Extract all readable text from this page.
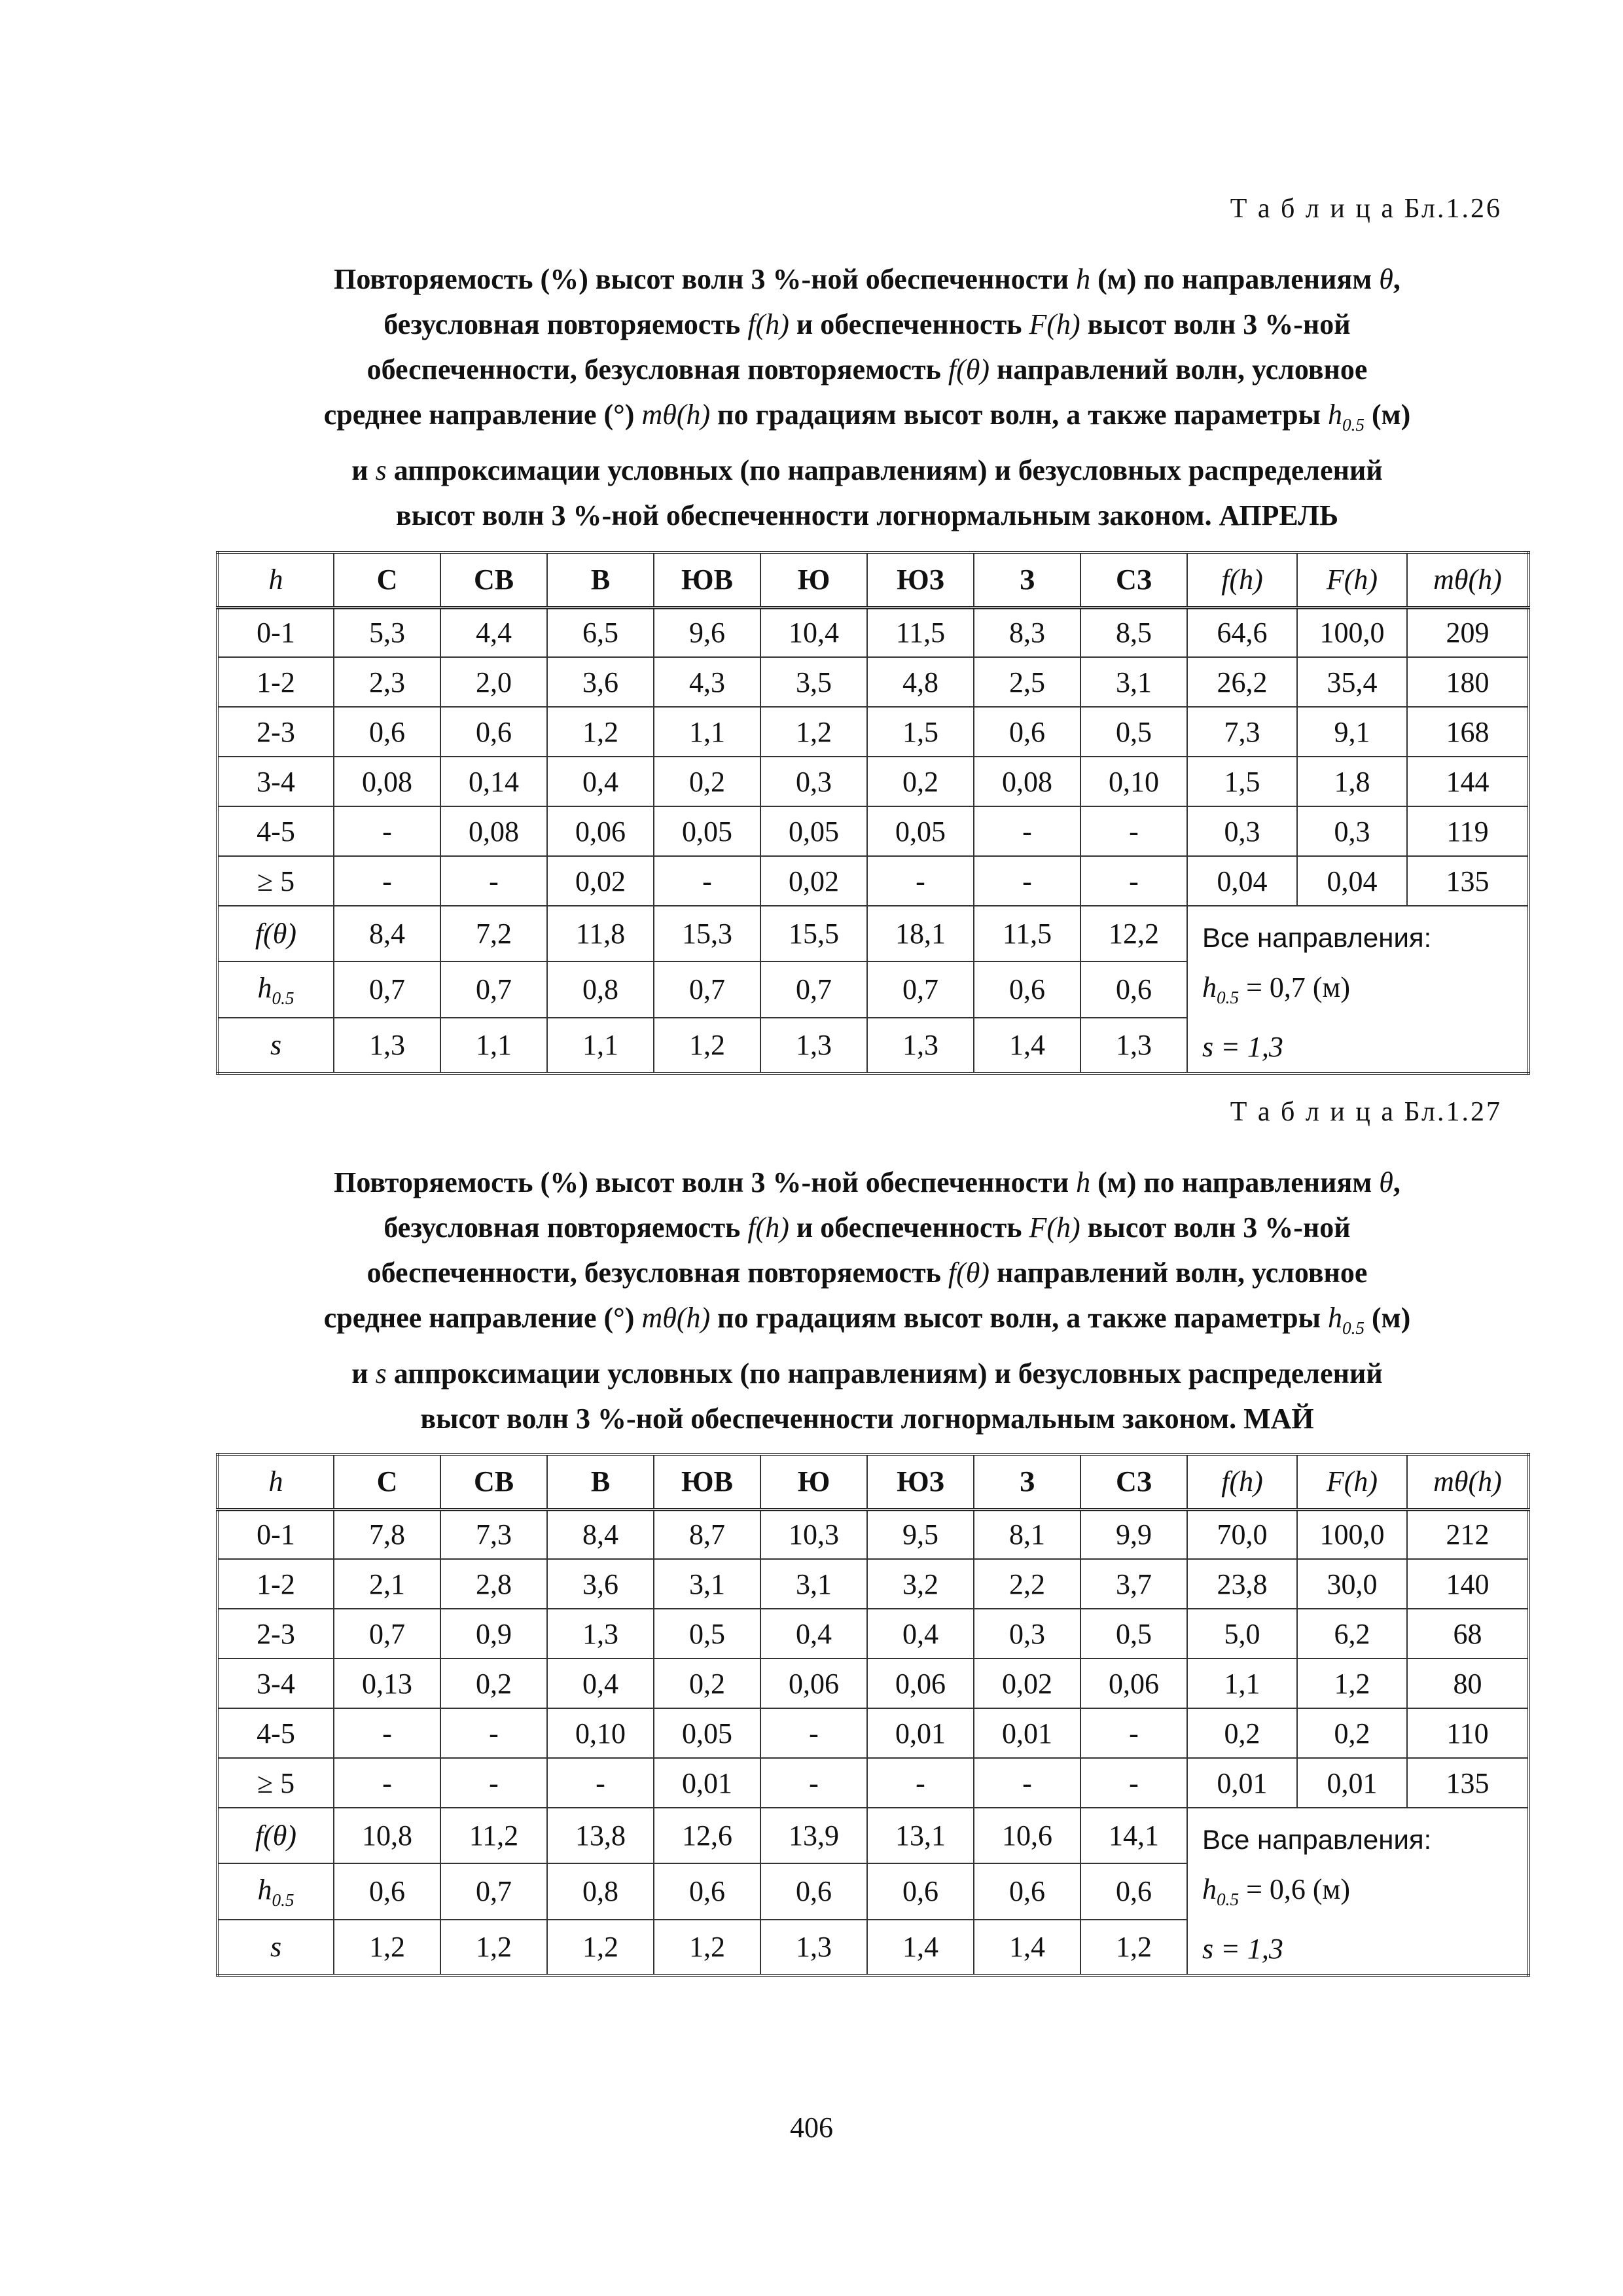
Т а б л и ц а Бл.1.26
Повторяемость (%) высот волн 3 %-ной обеспеченности h (м) по направлениям θ,
безусловная повторяемость f(h) и обеспеченность F(h) высот волн 3 %-ной
обеспеченности, безусловная повторяемость f(θ) направлений волн, условное
среднее направление (°) mθ(h) по градациям высот волн, а также параметры $h_{0.5}$ (м)
и s аппроксимации условных (по направлениям) и безусловных распределений
высот волн 3 %-ной обеспеченности логнормальным законом. АПРЕЛЬ
h	С	СВ	В	ЮВ	Ю	ЮЗ	З	СЗ	f(h)	F(h)	mθ(h)
0-1	5,3	4,4	6,5	9,6	10,4	11,5	8,3	8,5	64,6	100,0	209
1-2	2,3	2,0	3,6	4,3	3,5	4,8	2,5	3,1	26,2	35,4	180
2-3	0,6	0,6	1,2	1,1	1,2	1,5	0,6	0,5	7,3	9,1	168
3-4	0,08	0,14	0,4	0,2	0,3	0,2	0,08	0,10	1,5	1,8	144
4-5	-	0,08	0,06	0,05	0,05	0,05	-	-	0,3	0,3	119
≥ 5	-	-	0,02	-	0,02	-	-	-	0,04	0,04	135
f(θ)	8,4	7,2	11,8	15,3	15,5	18,1	11,5	12,2	Все направления:
$h_{0.5} = 0,7$ (м)
s = 1,3		

$h_{0.5}$	0,7	0,7	0,8	0,7	0,7	0,7	0,6	0,6			
s	1,3	1,1	1,1	1,2	1,3	1,3	1,4	1,3			
Т а б л и ц а Бл.1.27
Повторяемость (%) высот волн 3 %-ной обеспеченности h (м) по направлениям θ,
безусловная повторяемость f(h) и обеспеченность F(h) высот волн 3 %-ной
обеспеченности, безусловная повторяемость f(θ) направлений волн, условное
среднее направление (°) mθ(h) по градациям высот волн, а также параметры $h_{0.5}$ (м)
и s аппроксимации условных (по направлениям) и безусловных распределений
высот волн 3 %-ной обеспеченности логнормальным законом. МАЙ
h	С	СВ	В	ЮВ	Ю	ЮЗ	З	СЗ	f(h)	F(h)	mθ(h)
0-1	7,8	7,3	8,4	8,7	10,3	9,5	8,1	9,9	70,0	100,0	212
1-2	2,1	2,8	3,6	3,1	3,1	3,2	2,2	3,7	23,8	30,0	140
2-3	0,7	0,9	1,3	0,5	0,4	0,4	0,3	0,5	5,0	6,2	68
3-4	0,13	0,2	0,4	0,2	0,06	0,06	0,02	0,06	1,1	1,2	80
4-5	-	-	0,10	0,05	-	0,01	0,01	-	0,2	0,2	110
≥ 5	-	-	-	0,01	-	-	-	-	0,01	0,01	135
f(θ)	10,8	11,2	13,8	12,6	13,9	13,1	10,6	14,1	Все направления:
$h_{0.5} = 0,6$ (м)
s = 1,3		

$h_{0.5}$	0,6	0,7	0,8	0,6	0,6	0,6	0,6	0,6			
s	1,2	1,2	1,2	1,2	1,3	1,4	1,4	1,2			
406
